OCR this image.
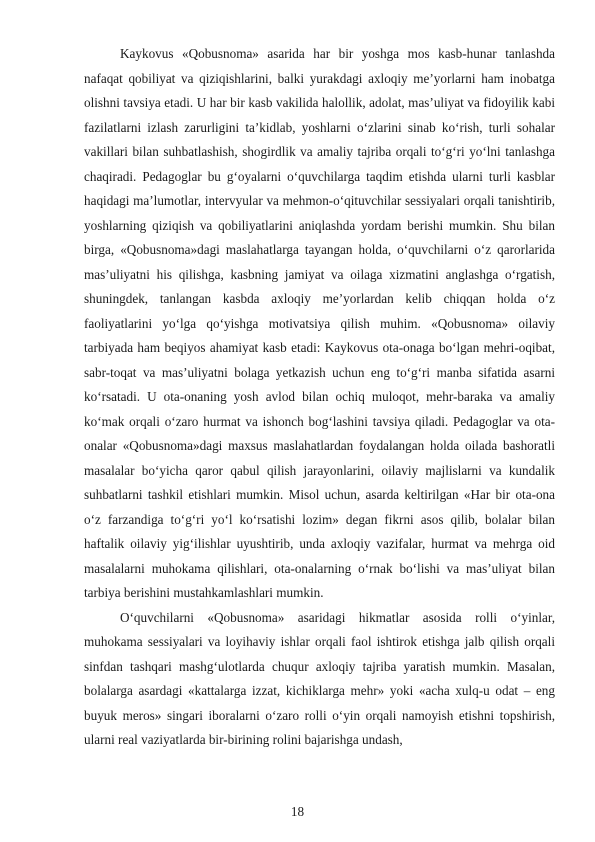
Kaykovus «Qobusnoma» asarida har bir yoshga mos kasb-hunar tanlashda nafaqat qobiliyat va qiziqishlarini, balki yurakdagi axloqiy me’yorlarni ham inobatga olishni tavsiya etadi. U har bir kasb vakilida halollik, adolat, mas’uliyat va fidoyilik kabi fazilatlarni izlash zarurligini ta’kidlab, yoshlarni o‘zlarini sinab ko‘rish, turli sohalar vakillari bilan suhbatlashish, shogirdlik va amaliy tajriba orqali to‘g‘ri yo‘lni tanlashga chaqiradi. Pedagoglar bu g‘oyalarni o‘quvchilarga taqdim etishda ularni turli kasblar haqidagi ma’lumotlar, intervyular va mehmon-o‘qituvchilar sessiyalari orqali tanishtirib, yoshlarning qiziqish va qobiliyatlarini aniqlashda yordam berishi mumkin. Shu bilan birga, «Qobusnoma»dagi maslahatlarga tayangan holda, o‘quvchilarni o‘z qarorlarida mas’uliyatni his qilishga, kasbning jamiyat va oilaga xizmatini anglashga o‘rgatish, shuningdek, tanlangan kasbda axloqiy me’yorlardan kelib chiqqan holda o‘z faoliyatlarini yo‘lga qo‘yishga motivatsiya qilish muhim. «Qobusnoma» oilaviy tarbiyada ham beqiyos ahamiyat kasb etadi: Kaykovus ota-onaga bo‘lgan mehri-oqibat, sabr-toqat va mas’uliyatni bolaga yetkazish uchun eng to‘g‘ri manba sifatida asarni ko‘rsatadi. U ota-onaning yosh avlod bilan ochiq muloqot, mehr-baraka va amaliy ko‘mak orqali o‘zaro hurmat va ishonch bog‘lashini tavsiya qiladi. Pedagoglar va ota-onalar «Qobusnoma»dagi maxsus maslahatlardan foydalangan holda oilada bashoratli masalalar bo‘yicha qaror qabul qilish jarayonlarini, oilaviy majlislarni va kundalik suhbatlarni tashkil etishlari mumkin. Misol uchun, asarda keltirilgan «Har bir ota-ona o‘z farzandiga to‘g‘ri yo‘l ko‘rsatishi lozim» degan fikrni asos qilib, bolalar bilan haftalik oilaviy yig‘ilishlar uyushtirib, unda axloqiy vazifalar, hurmat va mehrga oid masalalarni muhokama qilishlari, ota-onalarning o‘rnak bo‘lishi va mas’uliyat bilan tarbiya berishini mustahkamlashlari mumkin.

O‘quvchilarni «Qobusnoma» asaridagi hikmatlar asosida rolli o‘yinlar, muhokama sessiyalari va loyihaviy ishlar orqali faol ishtirok etishga jalb qilish orqali sinfdan tashqari mashg‘ulotlarda chuqur axloqiy tajriba yaratish mumkin. Masalan, bolalarga asardagi «kattalarga izzat, kichiklarga mehr» yoki «acha xulq-u odat – eng buyuk meros» singari iboralarni o‘zaro rolli o‘yin orqali namoyish etishni topshirish, ularni real vaziyatlarda bir-birining rolini bajarishga undash,

18
